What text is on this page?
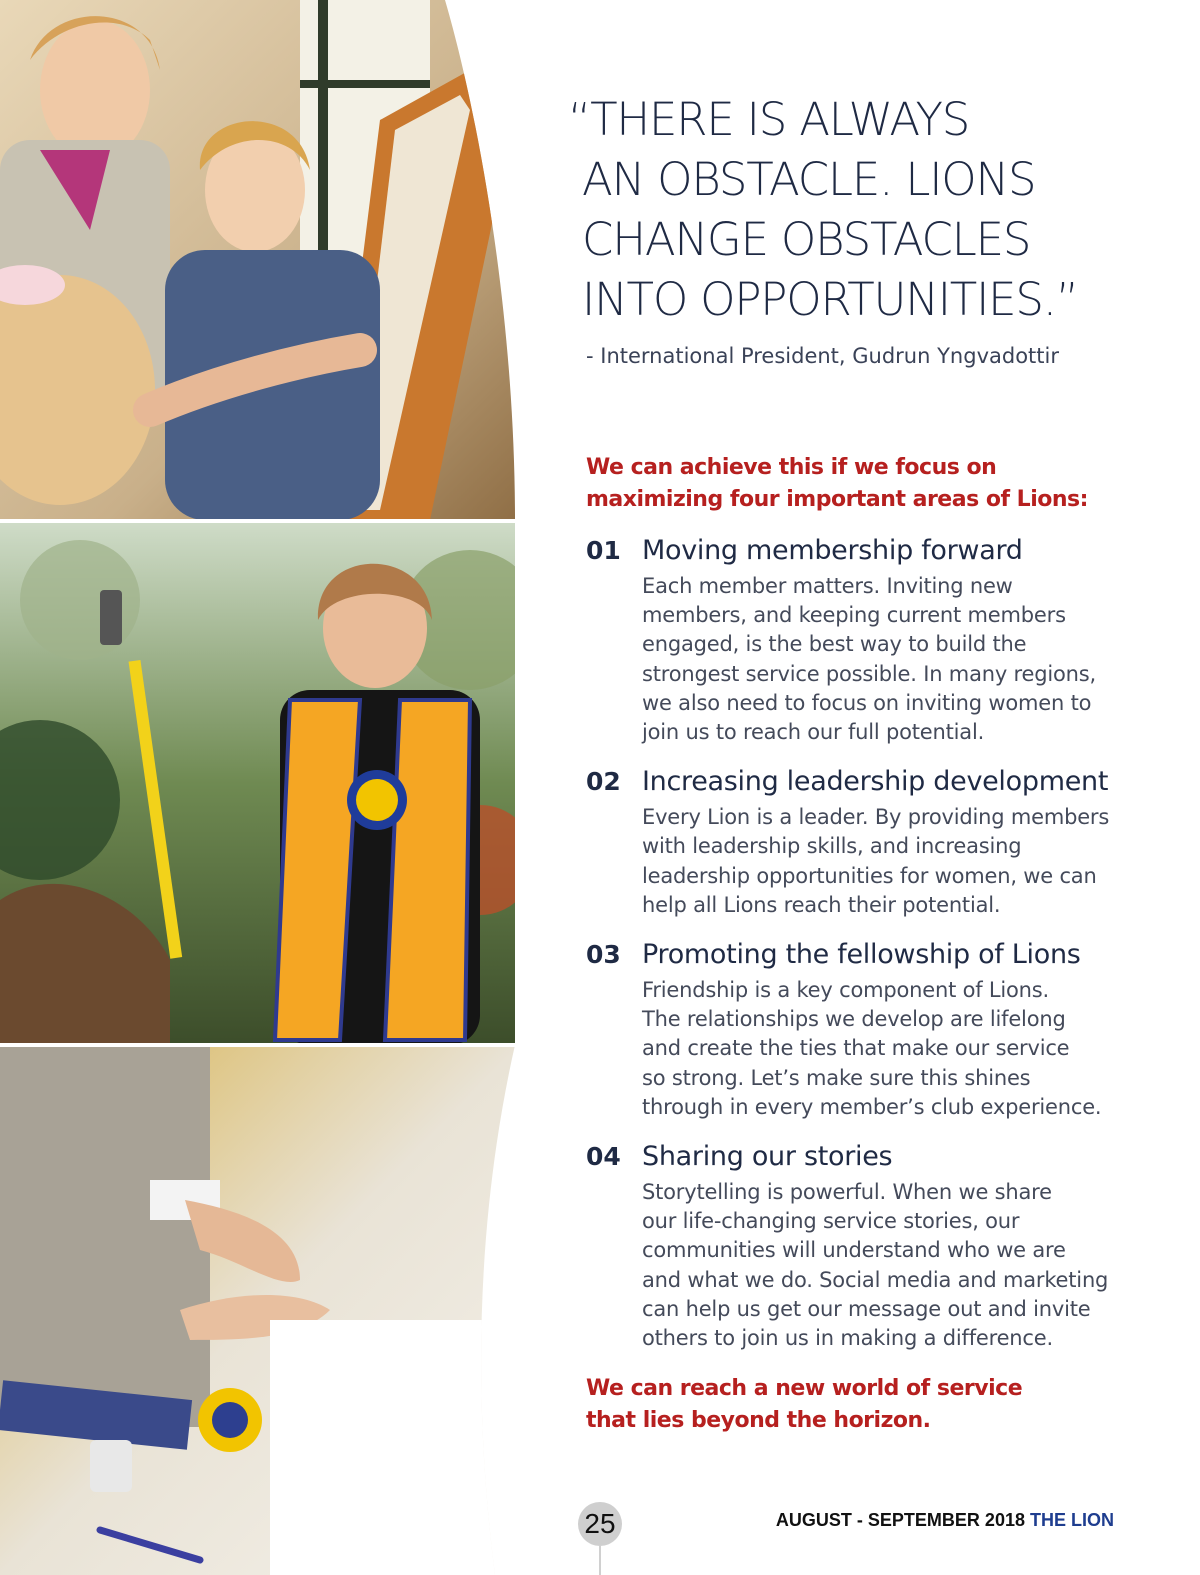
“THERE IS ALWAYS
AN OBSTACLE. LIONS
CHANGE OBSTACLES
INTO OPPORTUNITIES.”
- International President, Gudrun Yngvadottir
We can achieve this if we focus on
maximizing four important areas of Lions:
01 Moving membership forward
Each member matters. Inviting new
members, and keeping current members
engaged, is the best way to build the
strongest service possible. In many regions,
we also need to focus on inviting women to
join us to reach our full potential.
02 Increasing leadership development
Every Lion is a leader. By providing members
with leadership skills, and increasing
leadership opportunities for women, we can
help all Lions reach their potential.
03 Promoting the fellowship of Lions
Friendship is a key component of Lions.
The relationships we develop are lifelong
and create the ties that make our service
so strong. Let’s make sure this shines
through in every member’s club experience.
04 Sharing our stories
Storytelling is powerful. When we share
our life-changing service stories, our
communities will understand who we are
and what we do. Social media and marketing
can help us get our message out and invite
others to join us in making a difference.
We can reach a new world of service
that lies beyond the horizon.
25	AUGUST - SEPTEMBER 2018 THE LION
